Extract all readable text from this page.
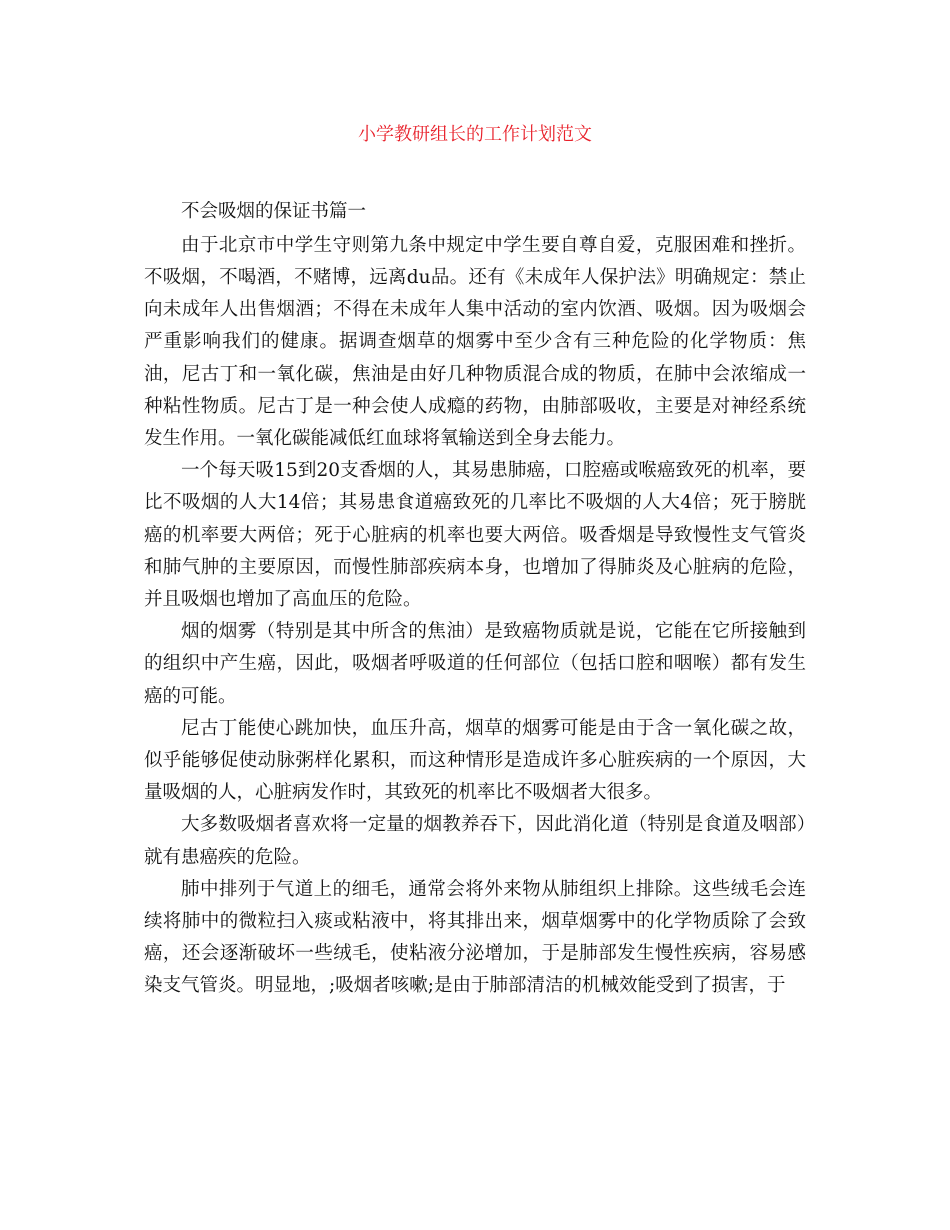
小学教研组长的工作计划范文

不会吸烟的保证书篇一

由于北京市中学生守则第九条中规定中学生要自尊自爱，克服困难和挫折。不吸烟，不喝酒，不赌博，远离du品。还有《未成年人保护法》明确规定：禁止向未成年人出售烟酒；不得在未成年人集中活动的室内饮酒、吸烟。因为吸烟会严重影响我们的健康。据调查烟草的烟雾中至少含有三种危险的化学物质：焦油，尼古丁和一氧化碳，焦油是由好几种物质混合成的物质，在肺中会浓缩成一种粘性物质。尼古丁是一种会使人成瘾的药物，由肺部吸收，主要是对神经系统发生作用。一氧化碳能减低红血球将氧输送到全身去能力。

一个每天吸15到20支香烟的人，其易患肺癌，口腔癌或喉癌致死的机率，要比不吸烟的人大14倍；其易患食道癌致死的几率比不吸烟的人大4倍；死于膀胱癌的机率要大两倍；死于心脏病的机率也要大两倍。吸香烟是导致慢性支气管炎和肺气肿的主要原因，而慢性肺部疾病本身，也增加了得肺炎及心脏病的危险，并且吸烟也增加了高血压的危险。

烟的烟雾（特别是其中所含的焦油）是致癌物质就是说，它能在它所接触到的组织中产生癌，因此，吸烟者呼吸道的任何部位（包括口腔和咽喉）都有发生癌的可能。

尼古丁能使心跳加快，血压升高，烟草的烟雾可能是由于含一氧化碳之故，似乎能够促使动脉粥样化累积，而这种情形是造成许多心脏疾病的一个原因，大量吸烟的人，心脏病发作时，其致死的机率比不吸烟者大很多。

大多数吸烟者喜欢将一定量的烟教养吞下，因此消化道（特别是食道及咽部）就有患癌疾的危险。

肺中排列于气道上的细毛，通常会将外来物从肺组织上排除。这些绒毛会连续将肺中的微粒扫入痰或粘液中，将其排出来，烟草烟雾中的化学物质除了会致癌，还会逐渐破坏一些绒毛，使粘液分泌增加，于是肺部发生慢性疾病，容易感染支气管炎。明显地，;吸烟者咳嗽;是由于肺部清洁的机械效能受到了损害，于
